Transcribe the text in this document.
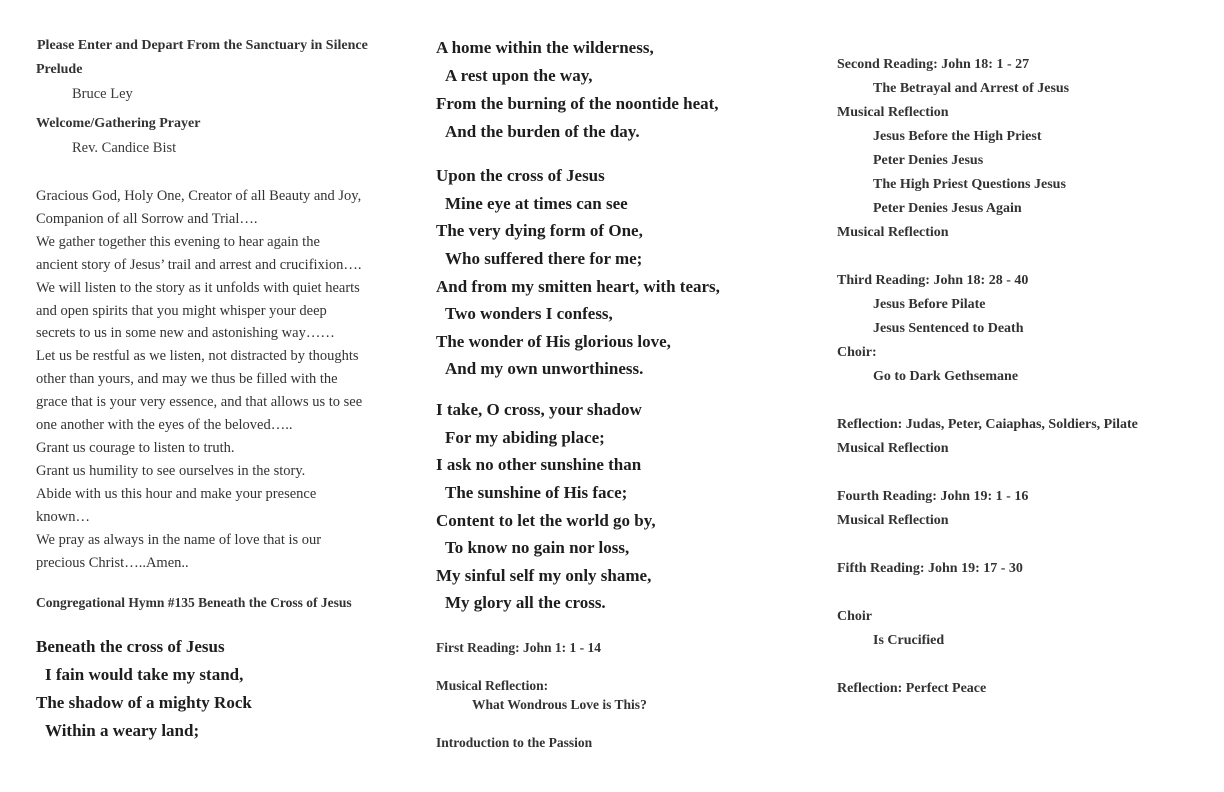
Please Enter and Depart From the Sanctuary in Silence
Prelude
Bruce Ley
Welcome/Gathering Prayer
Rev. Candice Bist
Gracious God, Holy One, Creator of all Beauty and Joy,
Companion of all Sorrow and Trial….
We gather together this evening to hear again the
ancient story of Jesus’ trail and arrest and crucifixion….
We will listen to the story as it unfolds with quiet hearts
and open spirits that you might whisper your deep
secrets to us in some new and astonishing way……
Let us be restful as we listen, not distracted by thoughts
other than yours, and may we thus be filled with the
grace that is your very essence, and that allows us to see
one another with the eyes of the beloved…..
Grant us courage to listen to truth.
Grant us humility to see ourselves in the story.
Abide with us this hour and make your presence
known…
We pray as always in the name of love that is our
precious Christ…..Amen..
Congregational Hymn #135 Beneath the Cross of Jesus
Beneath the cross of Jesus
I fain would take my stand,
The shadow of a mighty Rock
Within a weary land;
A home within the wilderness,
A rest upon the way,
From the burning of the noontide heat,
And the burden of the day.
Upon the cross of Jesus
Mine eye at times can see
The very dying form of One,
Who suffered there for me;
And from my smitten heart, with tears,
Two wonders I confess,
The wonder of His glorious love,
And my own unworthiness.
I take, O cross, your shadow
For my abiding place;
I ask no other sunshine than
The sunshine of His face;
Content to let the world go by,
To know no gain nor loss,
My sinful self my only shame,
My glory all the cross.
First Reading: John 1: 1 - 14
Musical Reflection:
What Wondrous Love is This?
Introduction to the Passion
Second Reading: John 18: 1 - 27
The Betrayal and Arrest of Jesus
Musical Reflection
Jesus Before the High Priest
Peter Denies Jesus
The High Priest Questions Jesus
Peter Denies Jesus Again
Musical Reflection
Third Reading: John 18: 28 - 40
Jesus Before Pilate
Jesus Sentenced to Death
Choir:
Go to Dark Gethsemane
Reflection: Judas, Peter, Caiaphas, Soldiers, Pilate
Musical Reflection
Fourth Reading: John 19: 1 - 16
Musical Reflection
Fifth Reading: John 19: 17 - 30
Choir
Is Crucified
Reflection: Perfect Peace
